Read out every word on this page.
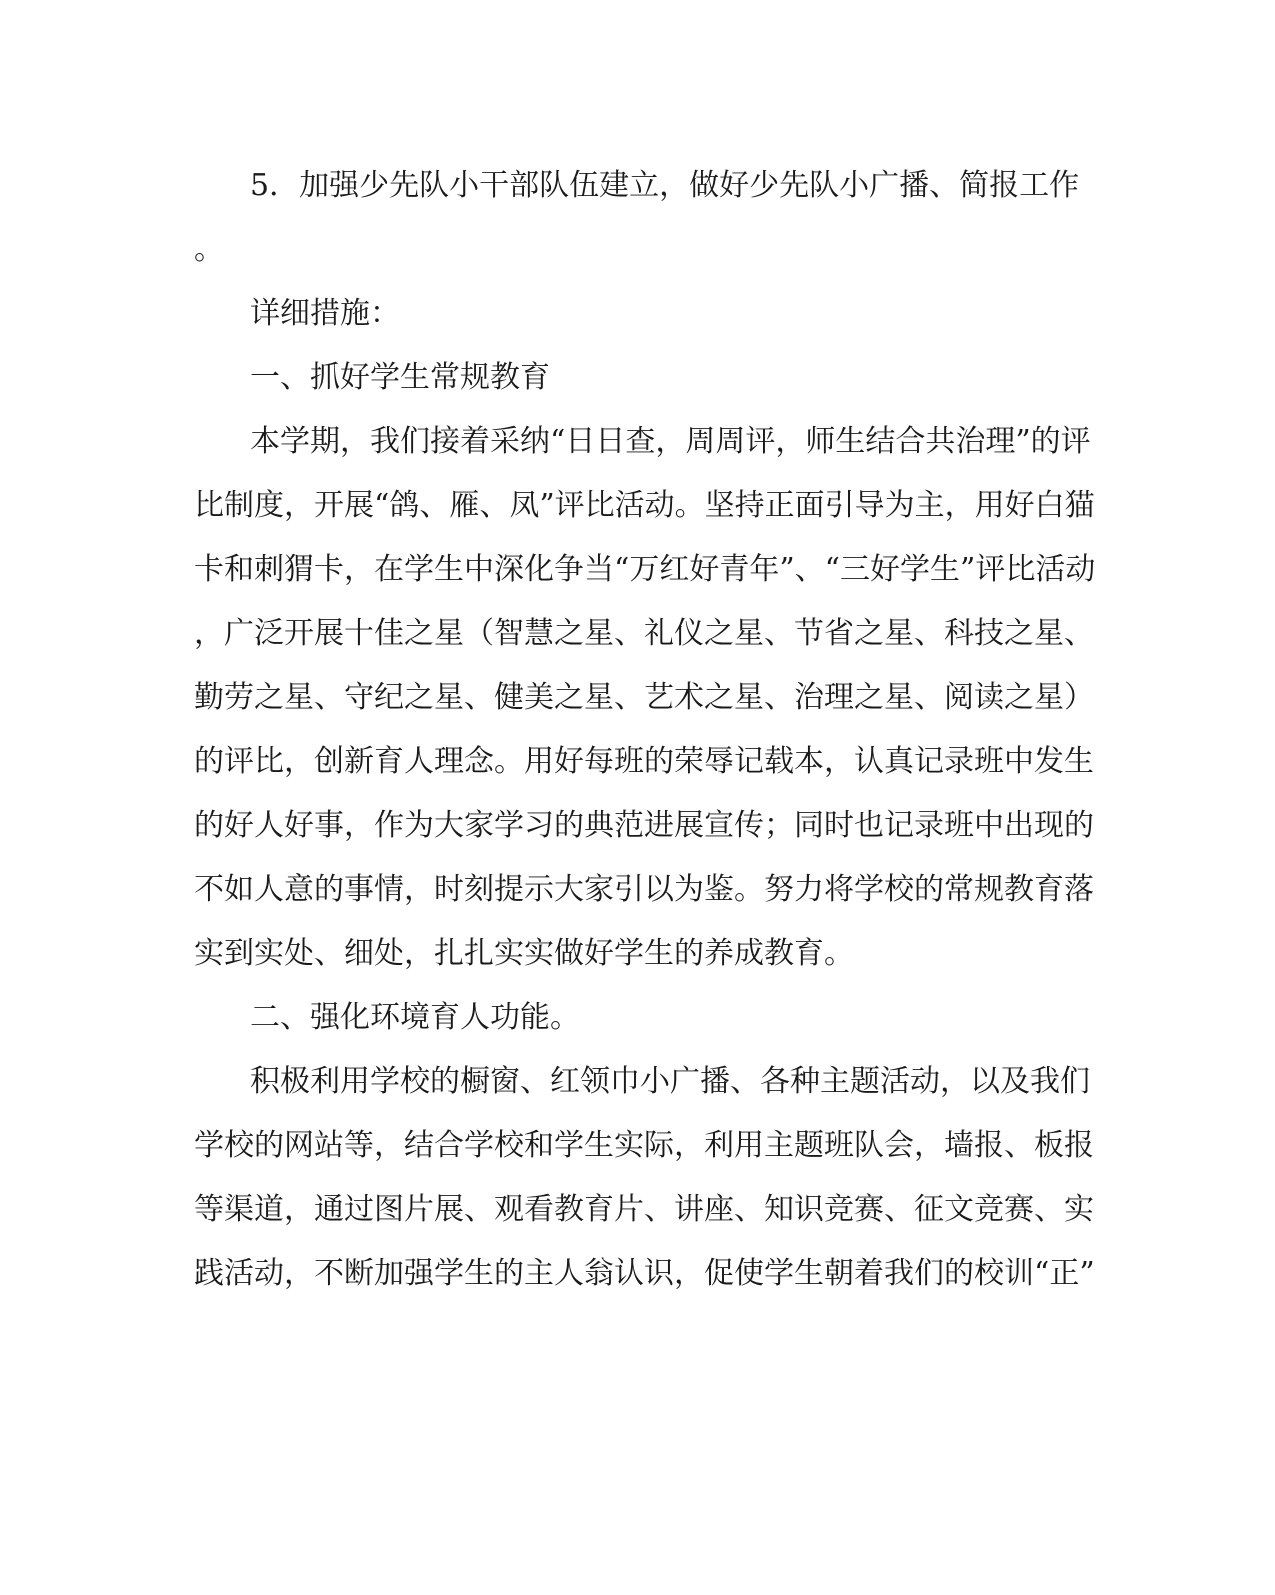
5．加强少先队小干部队伍建立，做好少先队小广播、简报工作
。
详细措施：
一、抓好学生常规教育
本学期，我们接着采纳“日日查，周周评，师生结合共治理”的评
比制度，开展“鸽、雁、凤”评比活动。坚持正面引导为主，用好白猫
卡和刺猬卡，在学生中深化争当“万红好青年”、“三好学生”评比活动
，广泛开展十佳之星（智慧之星、礼仪之星、节省之星、科技之星、
勤劳之星、守纪之星、健美之星、艺术之星、治理之星、阅读之星）
的评比，创新育人理念。用好每班的荣辱记载本，认真记录班中发生
的好人好事，作为大家学习的典范进展宣传；同时也记录班中出现的
不如人意的事情，时刻提示大家引以为鉴。努力将学校的常规教育落
实到实处、细处，扎扎实实做好学生的养成教育。
二、强化环境育人功能。
积极利用学校的橱窗、红领巾小广播、各种主题活动，以及我们
学校的网站等，结合学校和学生实际，利用主题班队会，墙报、板报
等渠道，通过图片展、观看教育片、讲座、知识竞赛、征文竞赛、实
践活动，不断加强学生的主人翁认识，促使学生朝着我们的校训“正”
